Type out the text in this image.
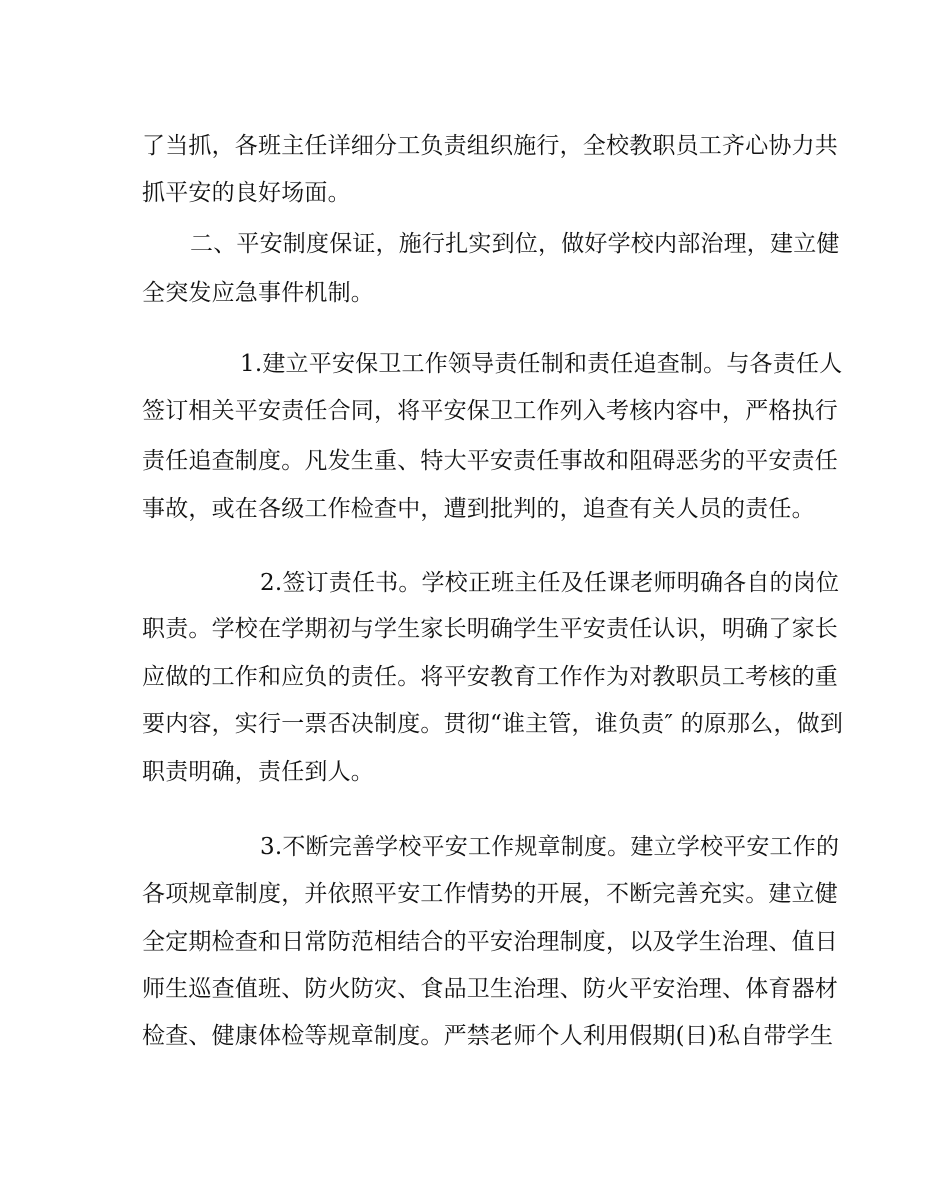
了当抓，各班主任详细分工负责组织施行，全校教职员工齐心协力共
抓平安的良好场面。
二、平安制度保证，施行扎实到位，做好学校内部治理，建立健
全突发应急事件机制。
1.建立平安保卫工作领导责任制和责任追查制。与各责任人
签订相关平安责任合同，将平安保卫工作列入考核内容中，严格执行
责任追查制度。凡发生重、特大平安责任事故和阻碍恶劣的平安责任
事故，或在各级工作检查中，遭到批判的，追查有关人员的责任。
2.签订责任书。学校正班主任及任课老师明确各自的岗位
职责。学校在学期初与学生家长明确学生平安责任认识，明确了家长
应做的工作和应负的责任。将平安教育工作作为对教职员工考核的重
要内容，实行一票否决制度。贯彻“谁主管，谁负责″ 的原那么，做到
职责明确，责任到人。
3.不断完善学校平安工作规章制度。建立学校平安工作的
各项规章制度，并依照平安工作情势的开展，不断完善充实。建立健
全定期检查和日常防范相结合的平安治理制度，以及学生治理、值日
师生巡查值班、防火防灾、食品卫生治理、防火平安治理、体育器材
检查、健康体检等规章制度。严禁老师个人利用假期(日)私自带学生
